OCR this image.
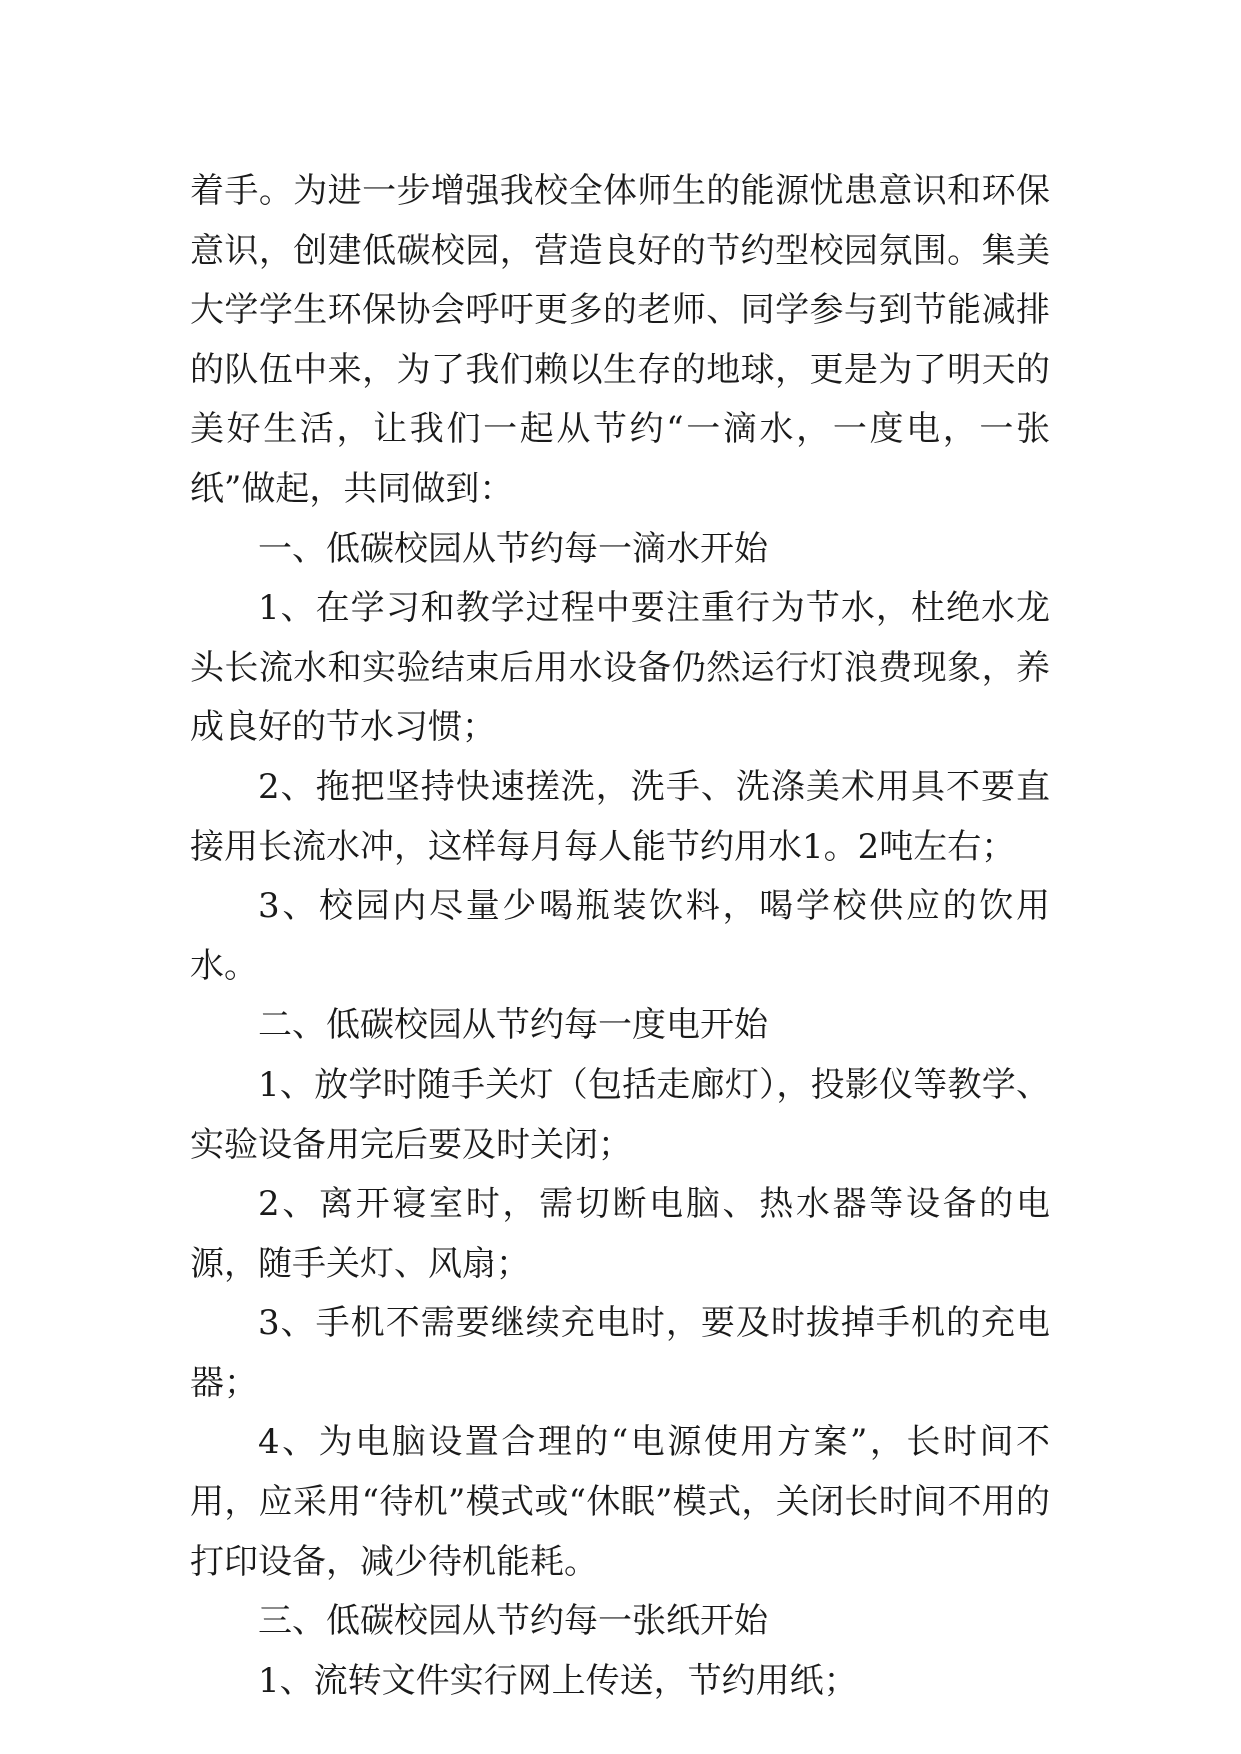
着手。为进一步增强我校全体师生的能源忧患意识和环保意识，创建低碳校园，营造良好的节约型校园氛围。集美大学学生环保协会呼吁更多的老师、同学参与到节能减排的队伍中来，为了我们赖以生存的地球，更是为了明天的美好生活，让我们一起从节约“一滴水，一度电，一张纸”做起，共同做到：

一、低碳校园从节约每一滴水开始

1、在学习和教学过程中要注重行为节水，杜绝水龙头长流水和实验结束后用水设备仍然运行灯浪费现象，养成良好的节水习惯；

2、拖把坚持快速搓洗，洗手、洗涤美术用具不要直接用长流水冲，这样每月每人能节约用水1。2吨左右；

3、校园内尽量少喝瓶装饮料，喝学校供应的饮用水。

二、低碳校园从节约每一度电开始

1、放学时随手关灯（包括走廊灯），投影仪等教学、实验设备用完后要及时关闭；

2、离开寝室时，需切断电脑、热水器等设备的电源，随手关灯、风扇；

3、手机不需要继续充电时，要及时拔掉手机的充电器；

4、为电脑设置合理的“电源使用方案”，长时间不用，应采用“待机”模式或“休眠”模式，关闭长时间不用的打印设备，减少待机能耗。

三、低碳校园从节约每一张纸开始

1、流转文件实行网上传送，节约用纸；
